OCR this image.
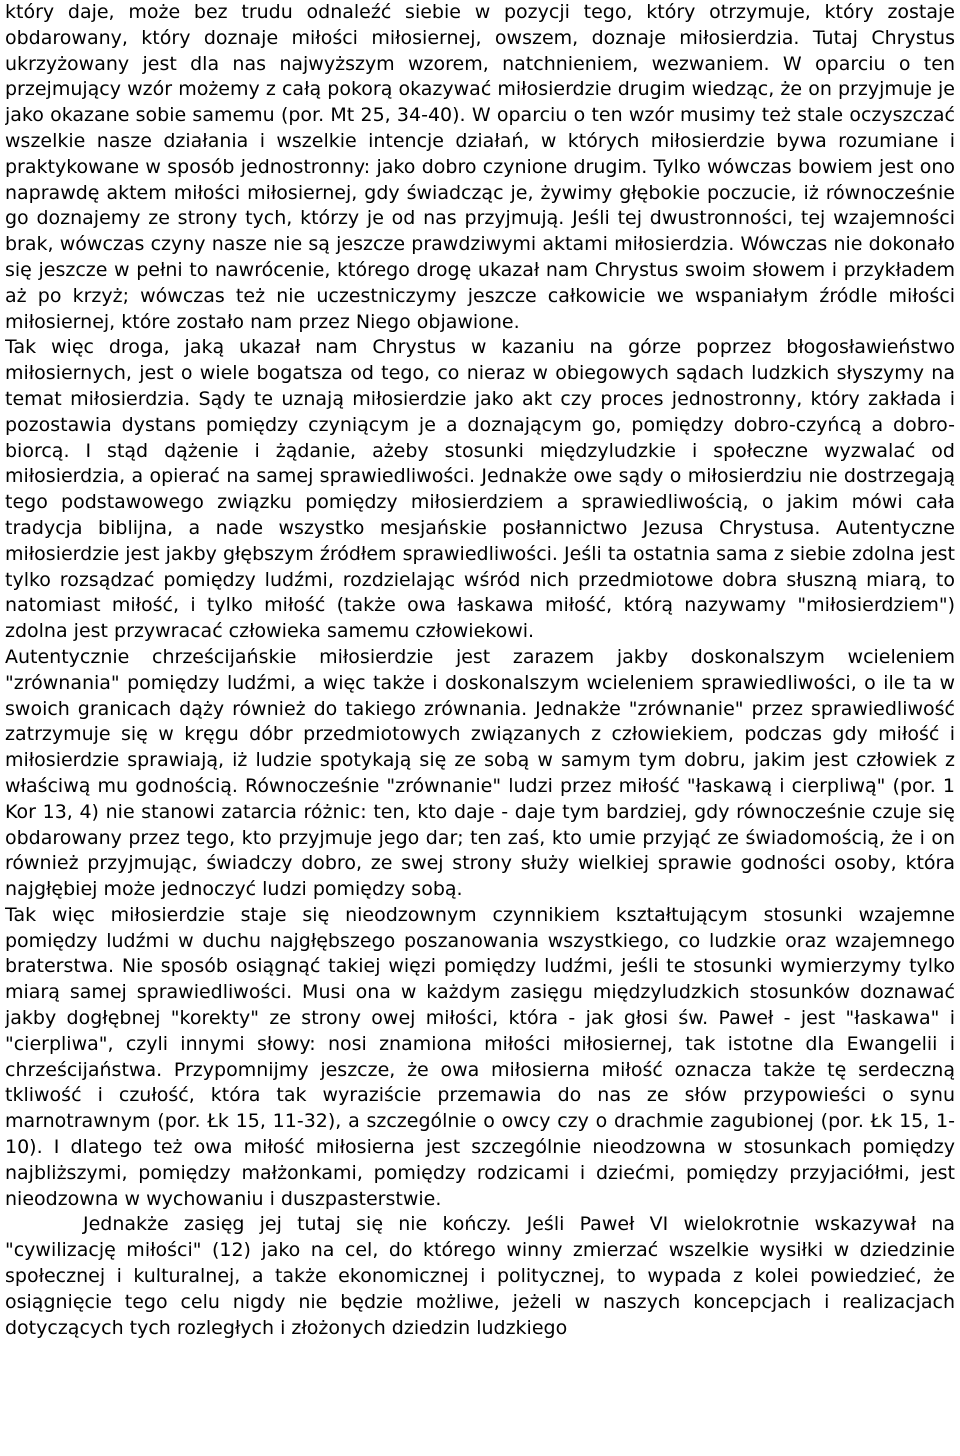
który daje, może bez trudu odnaleźć siebie w pozycji tego, który otrzymuje, który zostaje obdarowany, który doznaje miłości miłosiernej, owszem, doznaje miłosierdzia. Tutaj Chrystus ukrzyżowany jest dla nas najwyższym wzorem, natchnieniem, wezwaniem. W oparciu o ten przejmujący wzór możemy z całą pokorą okazywać miłosierdzie drugim wiedząc, że on przyjmuje je jako okazane sobie samemu (por. Mt 25, 34-40). W oparciu o ten wzór musimy też stale oczyszczać wszelkie nasze działania i wszelkie intencje działań, w których miłosierdzie bywa rozumiane i praktykowane w sposób jednostronny: jako dobro czynione drugim. Tylko wówczas bowiem jest ono naprawdę aktem miłości miłosiernej, gdy świadcząc je, żywimy głębokie poczucie, iż równocześnie go doznajemy ze strony tych, którzy je od nas przyjmują. Jeśli tej dwustronności, tej wzajemności brak, wówczas czyny nasze nie są jeszcze prawdziwymi aktami miłosierdzia. Wówczas nie dokonało się jeszcze w pełni to nawrócenie, którego drogę ukazał nam Chrystus swoim słowem i przykładem aż po krzyż; wówczas też nie uczestniczymy jeszcze całkowicie we wspaniałym źródle miłości miłosiernej, które zostało nam przez Niego objawione.

Tak więc droga, jaką ukazał nam Chrystus w kazaniu na górze poprzez błogosławieństwo miłosiernych, jest o wiele bogatsza od tego, co nieraz w obiegowych sądach ludzkich słyszymy na temat miłosierdzia. Sądy te uznają miłosierdzie jako akt czy proces jednostronny, który zakłada i pozostawia dystans pomiędzy czyniącym je a doznającym go, pomiędzy dobro-czyńcą a dobro-biorcą. I stąd dążenie i żądanie, ażeby stosunki międzyludzkie i społeczne wyzwalać od miłosierdzia, a opierać na samej sprawiedliwości. Jednakże owe sądy o miłosierdziu nie dostrzegają tego podstawowego związku pomiędzy miłosierdziem a sprawiedliwością, o jakim mówi cała tradycja biblijna, a nade wszystko mesjańskie posłannictwo Jezusa Chrystusa. Autentyczne miłosierdzie jest jakby głębszym źródłem sprawiedliwości. Jeśli ta ostatnia sama z siebie zdolna jest tylko rozsądzać pomiędzy ludźmi, rozdzielając wśród nich przedmiotowe dobra słuszną miarą, to natomiast miłość, i tylko miłość (także owa łaskawa miłość, którą nazywamy "miłosierdziem") zdolna jest przywracać człowieka samemu człowiekowi.

Autentycznie chrześcijańskie miłosierdzie jest zarazem jakby doskonalszym wcieleniem "zrównania" pomiędzy ludźmi, a więc także i doskonalszym wcieleniem sprawiedliwości, o ile ta w swoich granicach dąży również do takiego zrównania. Jednakże "zrównanie" przez sprawiedliwość zatrzymuje się w kręgu dóbr przedmiotowych związanych z człowiekiem, podczas gdy miłość i miłosierdzie sprawiają, iż ludzie spotykają się ze sobą w samym tym dobru, jakim jest człowiek z właściwą mu godnością. Równocześnie "zrównanie" ludzi przez miłość "łaskawą i cierpliwą" (por. 1 Kor 13, 4) nie stanowi zatarcia różnic: ten, kto daje - daje tym bardziej, gdy równocześnie czuje się obdarowany przez tego, kto przyjmuje jego dar; ten zaś, kto umie przyjąć ze świadomością, że i on również przyjmując, świadczy dobro, ze swej strony służy wielkiej sprawie godności osoby, która najgłębiej może jednoczyć ludzi pomiędzy sobą.

Tak więc miłosierdzie staje się nieodzownym czynnikiem kształtującym stosunki wzajemne pomiędzy ludźmi w duchu najgłębszego poszanowania wszystkiego, co ludzkie oraz wzajemnego braterstwa. Nie sposób osiągnąć takiej więzi pomiędzy ludźmi, jeśli te stosunki wymierzymy tylko miarą samej sprawiedliwości. Musi ona w każdym zasięgu międzyludzkich stosunków doznawać jakby dogłębnej "korekty" ze strony owej miłości, która - jak głosi św. Paweł - jest "łaskawa" i "cierpliwa", czyli innymi słowy: nosi znamiona miłości miłosiernej, tak istotne dla Ewangelii i chrześcijaństwa. Przypomnijmy jeszcze, że owa miłosierna miłość oznacza także tę serdeczną tkliwość i czułość, która tak wyraziście przemawia do nas ze słów przypowieści o synu marnotrawnym (por. Łk 15, 11-32), a szczególnie o owcy czy o drachmie zagubionej (por. Łk 15, 1-10). I dlatego też owa miłość miłosierna jest szczególnie nieodzowna w stosunkach pomiędzy najbliższymi, pomiędzy małżonkami, pomiędzy rodzicami i dziećmi, pomiędzy przyjaciółmi, jest nieodzowna w wychowaniu i duszpasterstwie.

Jednakże zasięg jej tutaj się nie kończy. Jeśli Paweł VI wielokrotnie wskazywał na "cywilizację miłości" (12) jako na cel, do którego winny zmierzać wszelkie wysiłki w dziedzinie społecznej i kulturalnej, a także ekonomicznej i politycznej, to wypada z kolei powiedzieć, że osiągnięcie tego celu nigdy nie będzie możliwe, jeżeli w naszych koncepcjach i realizacjach dotyczących tych rozległych i złożonych dziedzin ludzkiego
